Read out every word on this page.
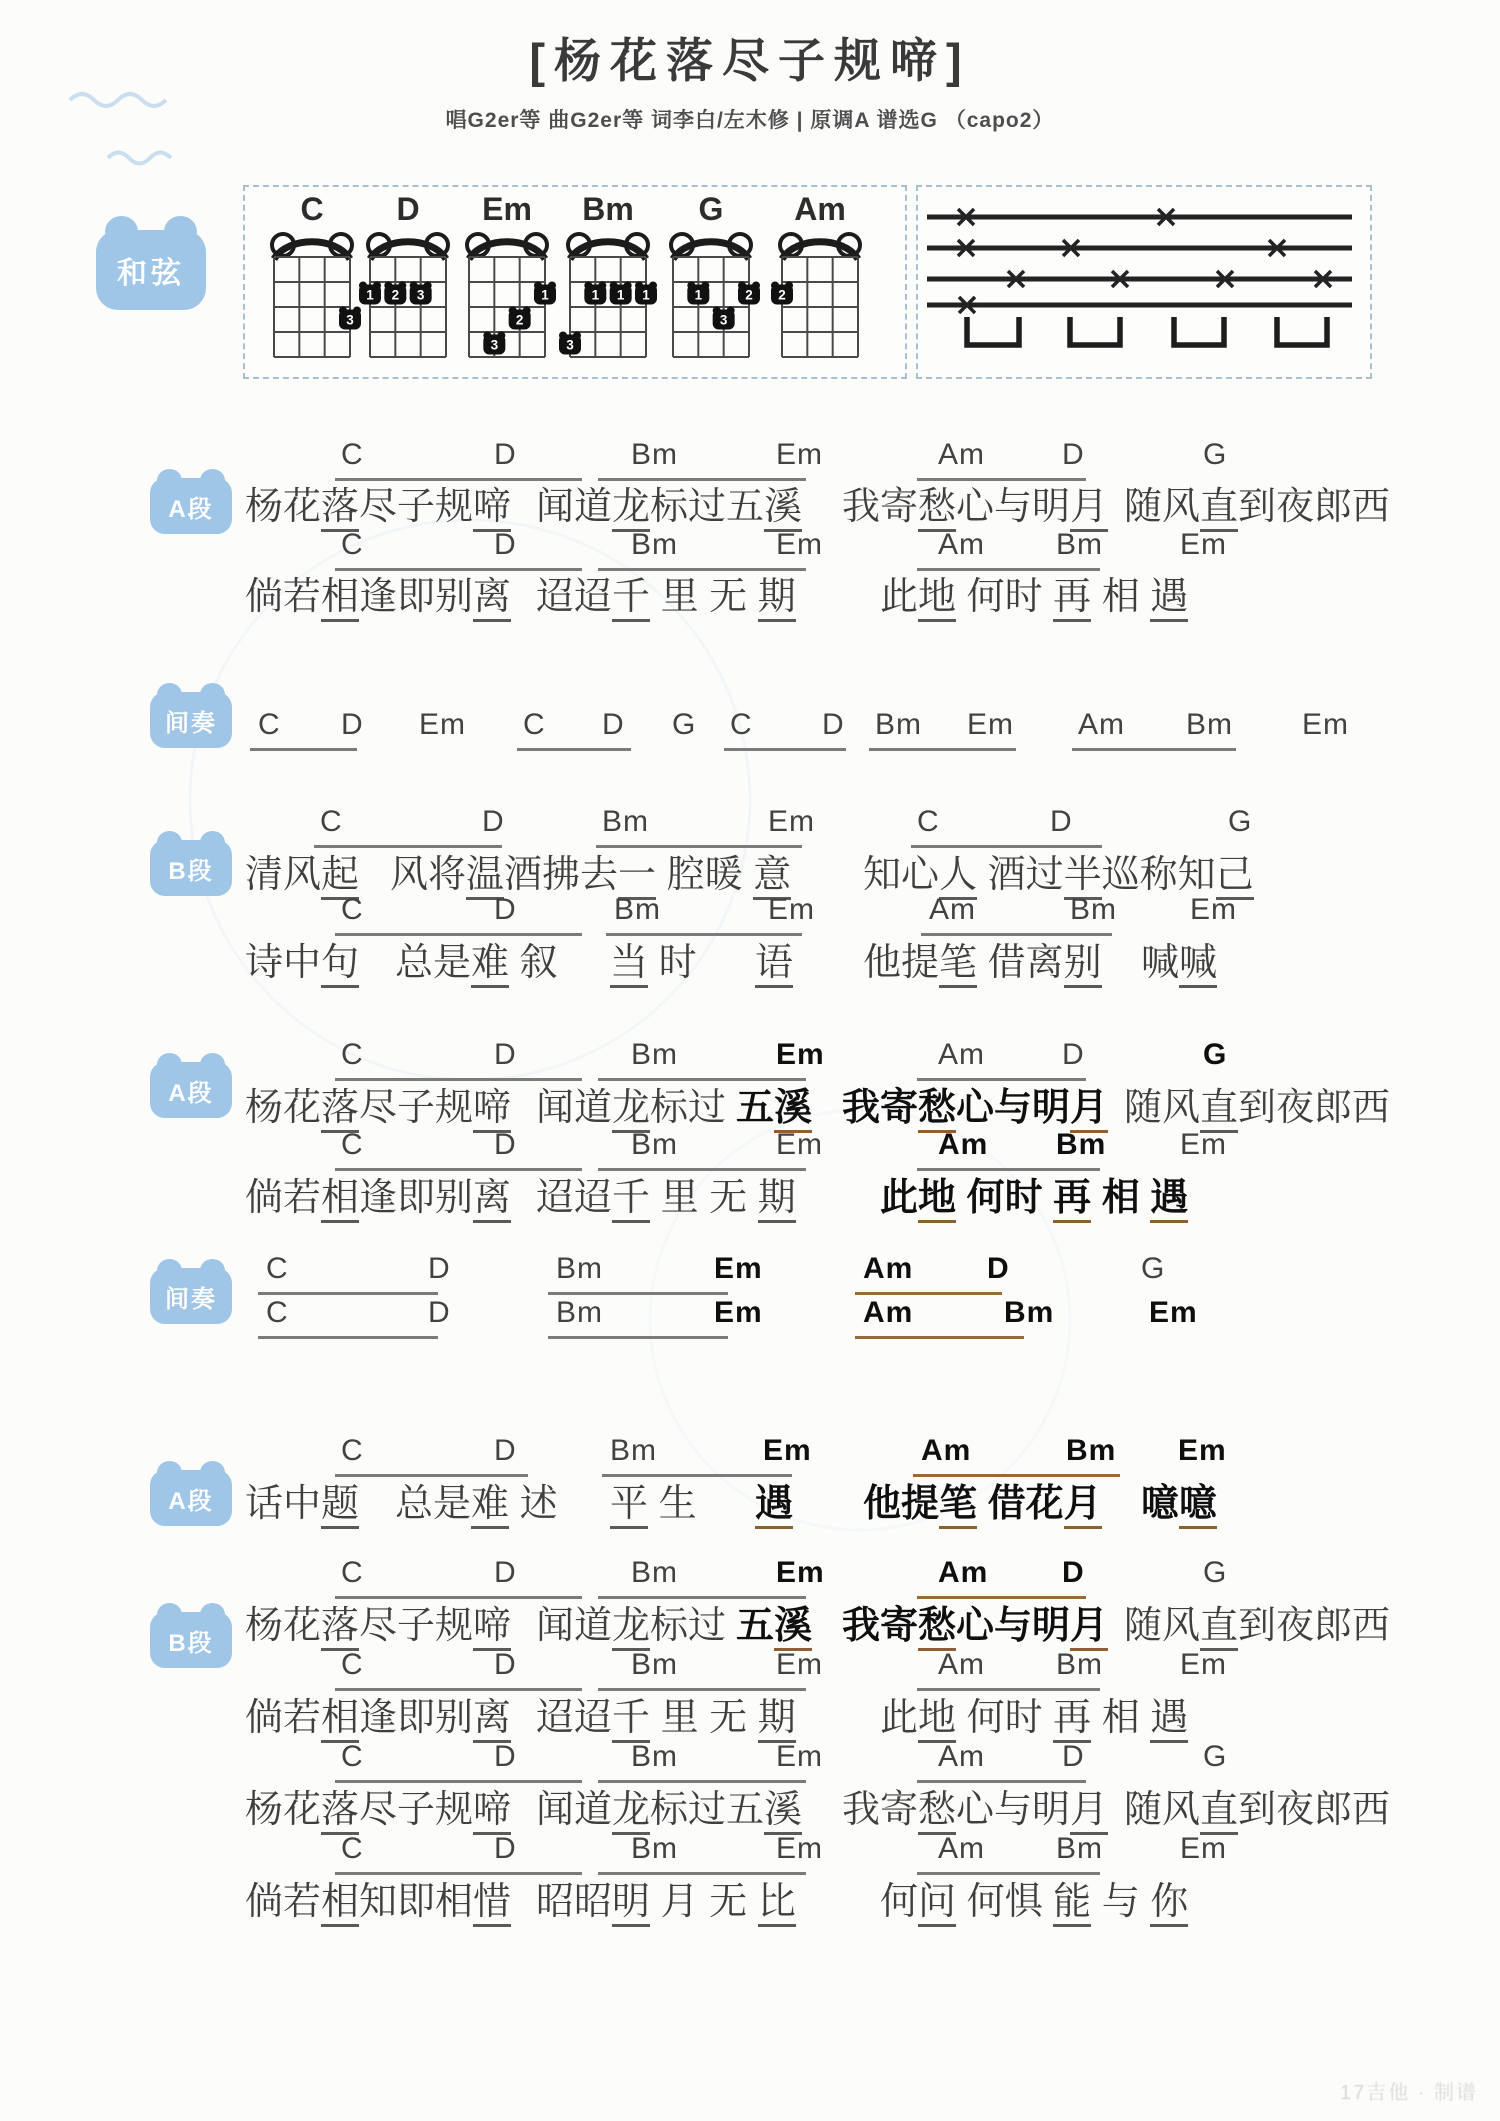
[杨花落尽子规啼]
唱G2er等 曲G2er等 词李白/左木修 | 原调A 谱选G （capo2）
和弦
C
3
D
1 2 3
Em
1
2
3
Bm
1 1 1
3
G
1	2
3
Am
2
A段
C	D	Bm	Em	Am	D	G
杨花落尽子规啼 闻道龙标过五溪 我寄愁心与明月 随风直到夜郎西
C	D	Bm	Em	Am Bm	Em
倘若相逢即别离 迢迢千 里 无 期 此地 何时 再 相 遇
间奏	C D Em C D G C D Bm Em Am Bm Em
B段
C	D	Bm	Em	C	D	G
清风起 风将温酒拂去一 腔暖 意 知心人 酒过半巡称知己
C	D	Bm	Em	Am	Bm Em
诗中句 总是难 叙 当 时 语 他提笔 借离别 喊喊
A段
C	D	Bm	Em	Am	D	G
杨花落尽子规啼 闻道龙标过 五溪 我寄愁心与明月 随风直到夜郎西
C	D	Bm	Em	Am Bm Em
倘若相逢即别离 迢迢千 里 无 期 此地 何时 再 相 遇
间奏
C	D	Bm	Em	Am D	G
C	D	Bm	Em	Am	Bm	Em
A段
C	D	Bm	Em	Am	Bm Em
话中题 总是难 述 平 生 遇 他提笔 借花月 噫噫
B段
C	D	Bm	Em	Am D	G
杨花落尽子规啼 闻道龙标过 五溪 我寄愁心与明月 随风直到夜郎西
C	D	Bm	Em	Am Bm	Em
倘若相逢即别离 迢迢千 里 无 期 此地 何时 再 相 遇
C	D	Bm	Em	Am	D	G
杨花落尽子规啼 闻道龙标过五溪 我寄愁心与明月 随风直到夜郎西
C	D	Bm	Em	Am Bm	Em
倘若相知即相惜 昭昭明 月 无 比 何问 何惧 能 与 你
17吉他 · 制谱
